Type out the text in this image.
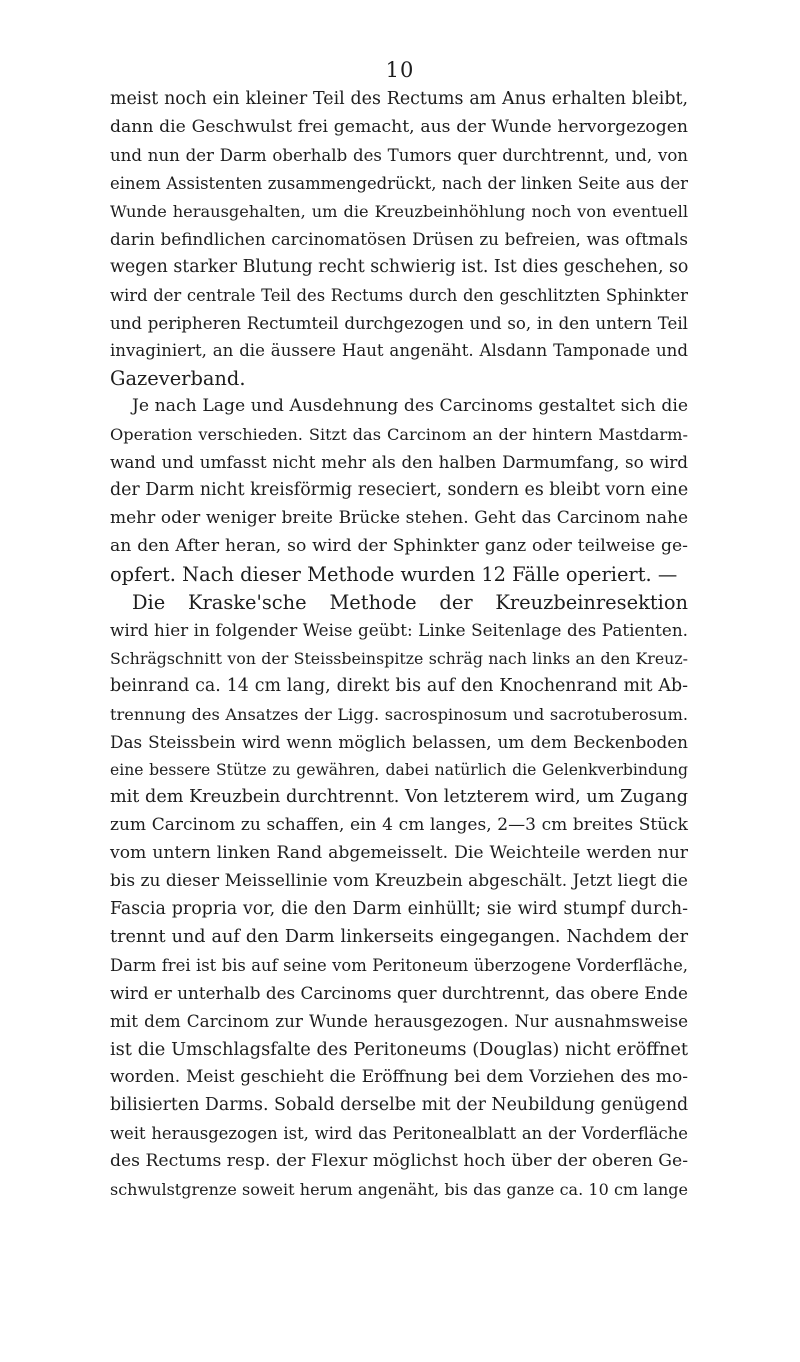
10
meist noch ein kleiner Teil des Rectums am Anus erhalten bleibt,
dann die Geschwulst frei gemacht, aus der Wunde hervorgezogen
und nun der Darm oberhalb des Tumors quer durchtrennt, und, von
einem Assistenten zusammengedrückt, nach der linken Seite aus der
Wunde herausgehalten, um die Kreuzbeinhöhlung noch von eventuell
darin befindlichen carcinomatösen Drüsen zu befreien, was oftmals
wegen starker Blutung recht schwierig ist. Ist dies geschehen, so
wird der centrale Teil des Rectums durch den geschlitzten Sphinkter
und peripheren Rectumteil durchgezogen und so, in den untern Teil
invaginiert, an die äussere Haut angenäht. Alsdann Tamponade und
Gazeverband.
Je nach Lage und Ausdehnung des Carcinoms gestaltet sich die
Operation verschieden. Sitzt das Carcinom an der hintern Mastdarm-
wand und umfasst nicht mehr als den halben Darmumfang, so wird
der Darm nicht kreisförmig reseciert, sondern es bleibt vorn eine
mehr oder weniger breite Brücke stehen. Geht das Carcinom nahe
an den After heran, so wird der Sphinkter ganz oder teilweise ge-
opfert. Nach dieser Methode wurden 12 Fälle operiert. —
Die Kraske'sche Methode der Kreuzbeinresektion
wird hier in folgender Weise geübt: Linke Seitenlage des Patienten.
Schrägschnitt von der Steissbeinspitze schräg nach links an den Kreuz-
beinrand ca. 14 cm lang, direkt bis auf den Knochenrand mit Ab-
trennung des Ansatzes der Ligg. sacrospinosum und sacrotuberosum.
Das Steissbein wird wenn möglich belassen, um dem Beckenboden
eine bessere Stütze zu gewähren, dabei natürlich die Gelenkverbindung
mit dem Kreuzbein durchtrennt. Von letzterem wird, um Zugang
zum Carcinom zu schaffen, ein 4 cm langes, 2—3 cm breites Stück
vom untern linken Rand abgemeisselt. Die Weichteile werden nur
bis zu dieser Meissellinie vom Kreuzbein abgeschält. Jetzt liegt die
Fascia propria vor, die den Darm einhüllt; sie wird stumpf durch-
trennt und auf den Darm linkerseits eingegangen. Nachdem der
Darm frei ist bis auf seine vom Peritoneum überzogene Vorderfläche,
wird er unterhalb des Carcinoms quer durchtrennt, das obere Ende
mit dem Carcinom zur Wunde herausgezogen. Nur ausnahmsweise
ist die Umschlagsfalte des Peritoneums (Douglas) nicht eröffnet
worden. Meist geschieht die Eröffnung bei dem Vorziehen des mo-
bilisierten Darms. Sobald derselbe mit der Neubildung genügend
weit herausgezogen ist, wird das Peritonealblatt an der Vorderfläche
des Rectums resp. der Flexur möglichst hoch über der oberen Ge-
schwulstgrenze soweit herum angenäht, bis das ganze ca. 10 cm lange
